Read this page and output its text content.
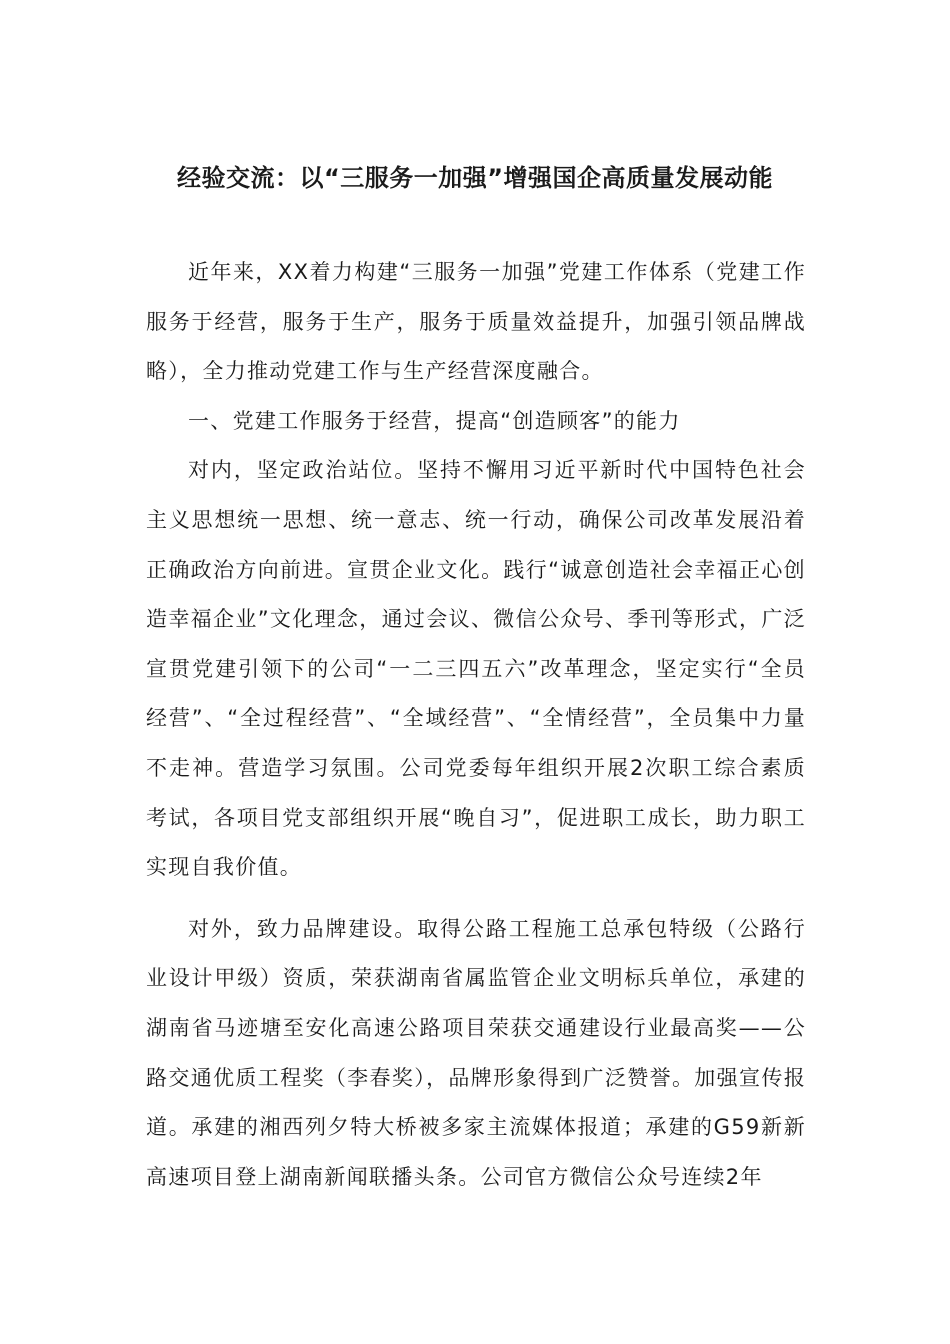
经验交流：以“三服务一加强”增强国企高质量发展动能

近年来，XX着力构建“三服务一加强”党建工作体系（党建工作服务于经营，服务于生产，服务于质量效益提升，加强引领品牌战略），全力推动党建工作与生产经营深度融合。

一、党建工作服务于经营，提高“创造顾客”的能力

对内，坚定政治站位。坚持不懈用习近平新时代中国特色社会主义思想统一思想、统一意志、统一行动，确保公司改革发展沿着正确政治方向前进。宣贯企业文化。践行“诚意创造社会幸福正心创造幸福企业”文化理念，通过会议、微信公众号、季刊等形式，广泛宣贯党建引领下的公司“一二三四五六”改革理念，坚定实行“全员经营”、“全过程经营”、“全域经营”、“全情经营”，全员集中力量不走神。营造学习氛围。公司党委每年组织开展2次职工综合素质考试，各项目党支部组织开展“晚自习”，促进职工成长，助力职工实现自我价值。

对外，致力品牌建设。取得公路工程施工总承包特级（公路行业设计甲级）资质，荣获湖南省属监管企业文明标兵单位，承建的湖南省马迹塘至安化高速公路项目荣获交通建设行业最高奖——公路交通优质工程奖（李春奖），品牌形象得到广泛赞誉。加强宣传报道。承建的湘西列夕特大桥被多家主流媒体报道；承建的G59新新高速项目登上湖南新闻联播头条。公司官方微信公众号连续2年
